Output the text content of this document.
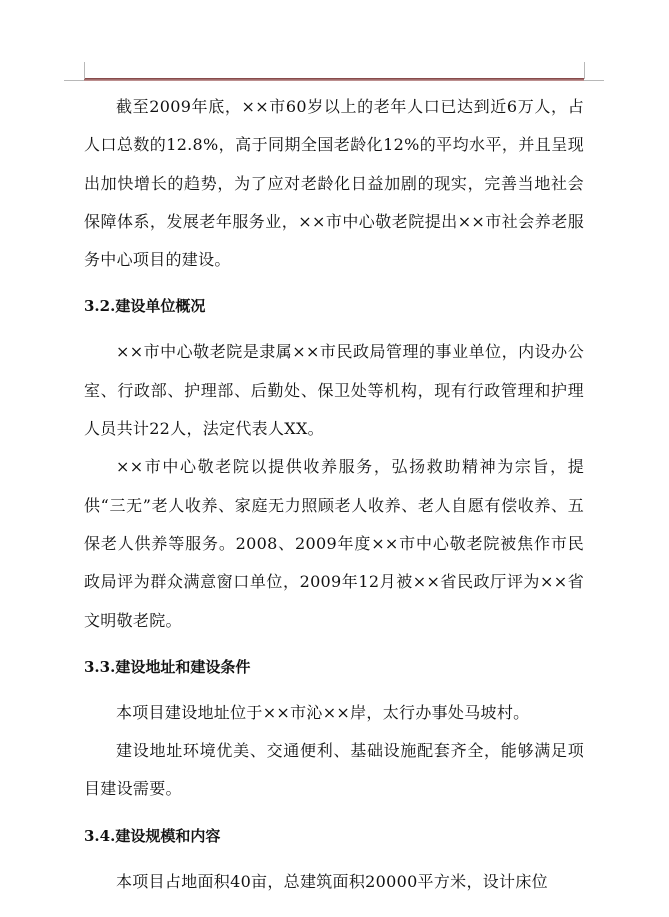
截至2009年底，××市60岁以上的老年人口已达到近6万人，占人口总数的12.8%，高于同期全国老龄化12%的平均水平，并且呈现出加快增长的趋势，为了应对老龄化日益加剧的现实，完善当地社会保障体系，发展老年服务业，××市中心敬老院提出××市社会养老服务中心项目的建设。

3.2.建设单位概况

××市中心敬老院是隶属××市民政局管理的事业单位，内设办公室、行政部、护理部、后勤处、保卫处等机构，现有行政管理和护理人员共计22人，法定代表人XX。

××市中心敬老院以提供收养服务，弘扬救助精神为宗旨，提供“三无”老人收养、家庭无力照顾老人收养、老人自愿有偿收养、五保老人供养等服务。2008、2009年度××市中心敬老院被焦作市民政局评为群众满意窗口单位，2009年12月被××省民政厅评为××省文明敬老院。

3.3.建设地址和建设条件

本项目建设地址位于××市沁××岸，太行办事处马坡村。

建设地址环境优美、交通便利、基础设施配套齐全，能够满足项目建设需要。

3.4.建设规模和内容

本项目占地面积40亩，总建筑面积20000平方米，设计床位
